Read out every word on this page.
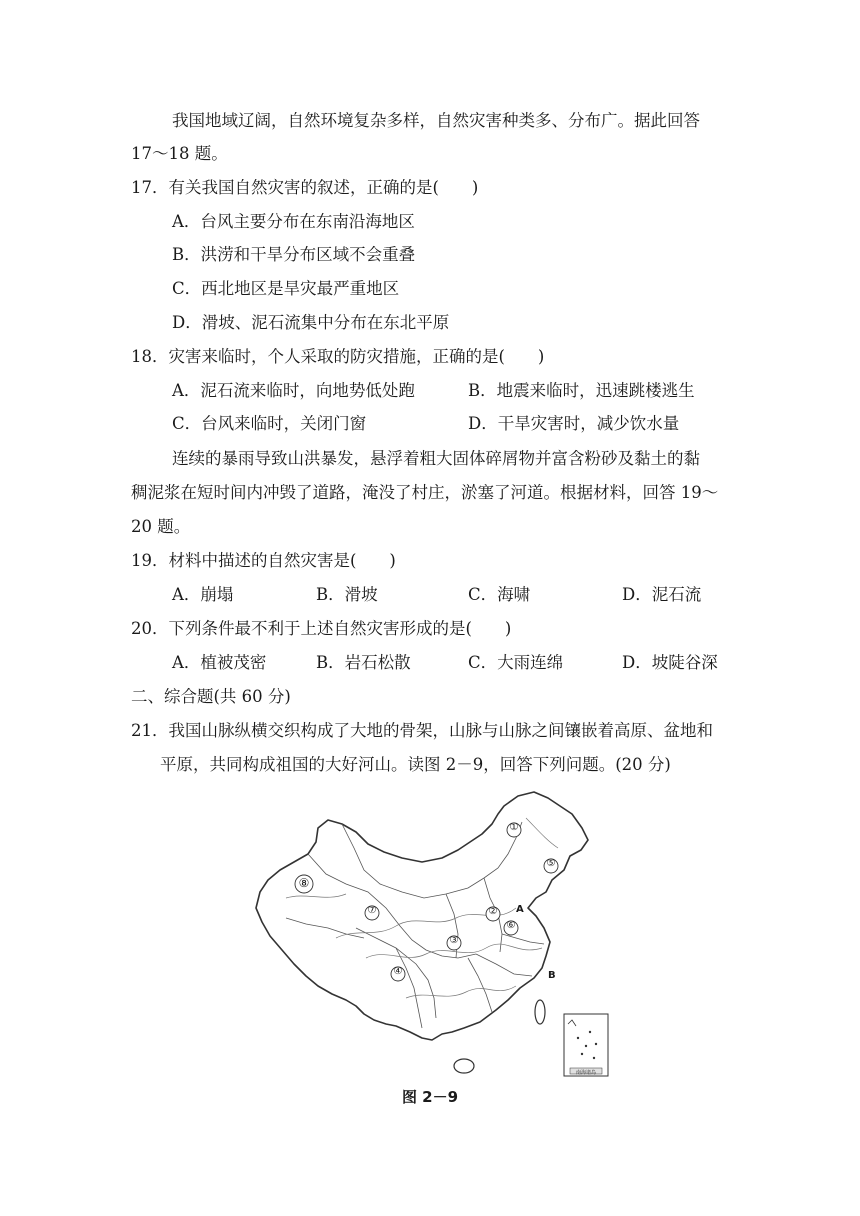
我国地域辽阔，自然环境复杂多样，自然灾害种类多、分布广。据此回答
17～18 题。
17．有关我国自然灾害的叙述，正确的是(　　)
A．台风主要分布在东南沿海地区
B．洪涝和干旱分布区域不会重叠
C．西北地区是旱灾最严重地区
D．滑坡、泥石流集中分布在东北平原
18．灾害来临时，个人采取的防灾措施，正确的是(　　)
A．泥石流来临时，向地势低处跑	B．地震来临时，迅速跳楼逃生
C．台风来临时，关闭门窗	D．干旱灾害时，减少饮水量
连续的暴雨导致山洪暴发，悬浮着粗大固体碎屑物并富含粉砂及黏土的黏
稠泥浆在短时间内冲毁了道路，淹没了村庄，淤塞了河道。根据材料，回答 19～
20 题。
19．材料中描述的自然灾害是(　　)
A．崩塌	B．滑坡	C．海啸	D．泥石流
20．下列条件最不利于上述自然灾害形成的是(　　)
A．植被茂密	B．岩石松散	C．大雨连绵	D．坡陡谷深
二、综合题(共 60 分)
21．我国山脉纵横交织构成了大地的骨架，山脉与山脉之间镶嵌着高原、盆地和
平原，共同构成祖国的大好河山。读图 2－9，回答下列问题。(20 分)
①
②
③
④
⑤
⑥
⑦
⑧
A
B
南海诸岛
图 2－9
